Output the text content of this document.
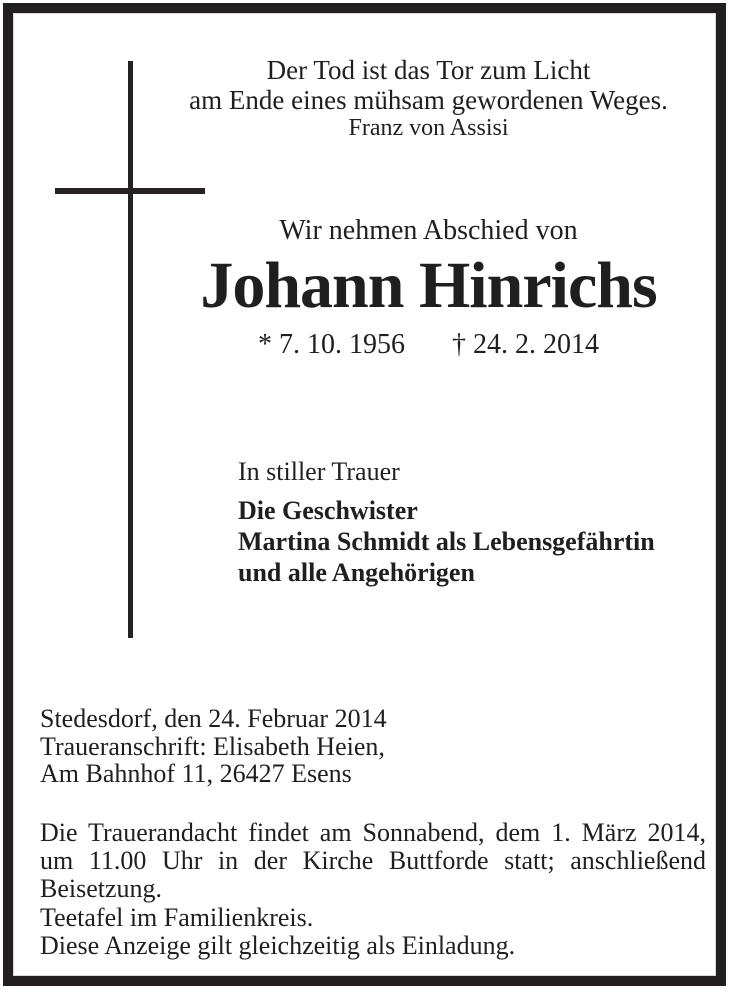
Der Tod ist das Tor zum Licht
am Ende eines mühsam gewordenen Weges.
Franz von Assisi
Wir nehmen Abschied von
Johann Hinrichs
* 7. 10. 1956 † 24. 2. 2014
In stiller Trauer
Die Geschwister
Martina Schmidt als Lebensgefährtin
und alle Angehörigen
Stedesdorf, den 24. Februar 2014
Traueranschrift: Elisabeth Heien,
Am Bahnhof 11, 26427 Esens
Die Trauerandacht findet am Sonnabend, dem 1. März 2014,
um 11.00 Uhr in der Kirche Buttforde statt; anschließend
Beisetzung.
Teetafel im Familienkreis.
Diese Anzeige gilt gleichzeitig als Einladung.
